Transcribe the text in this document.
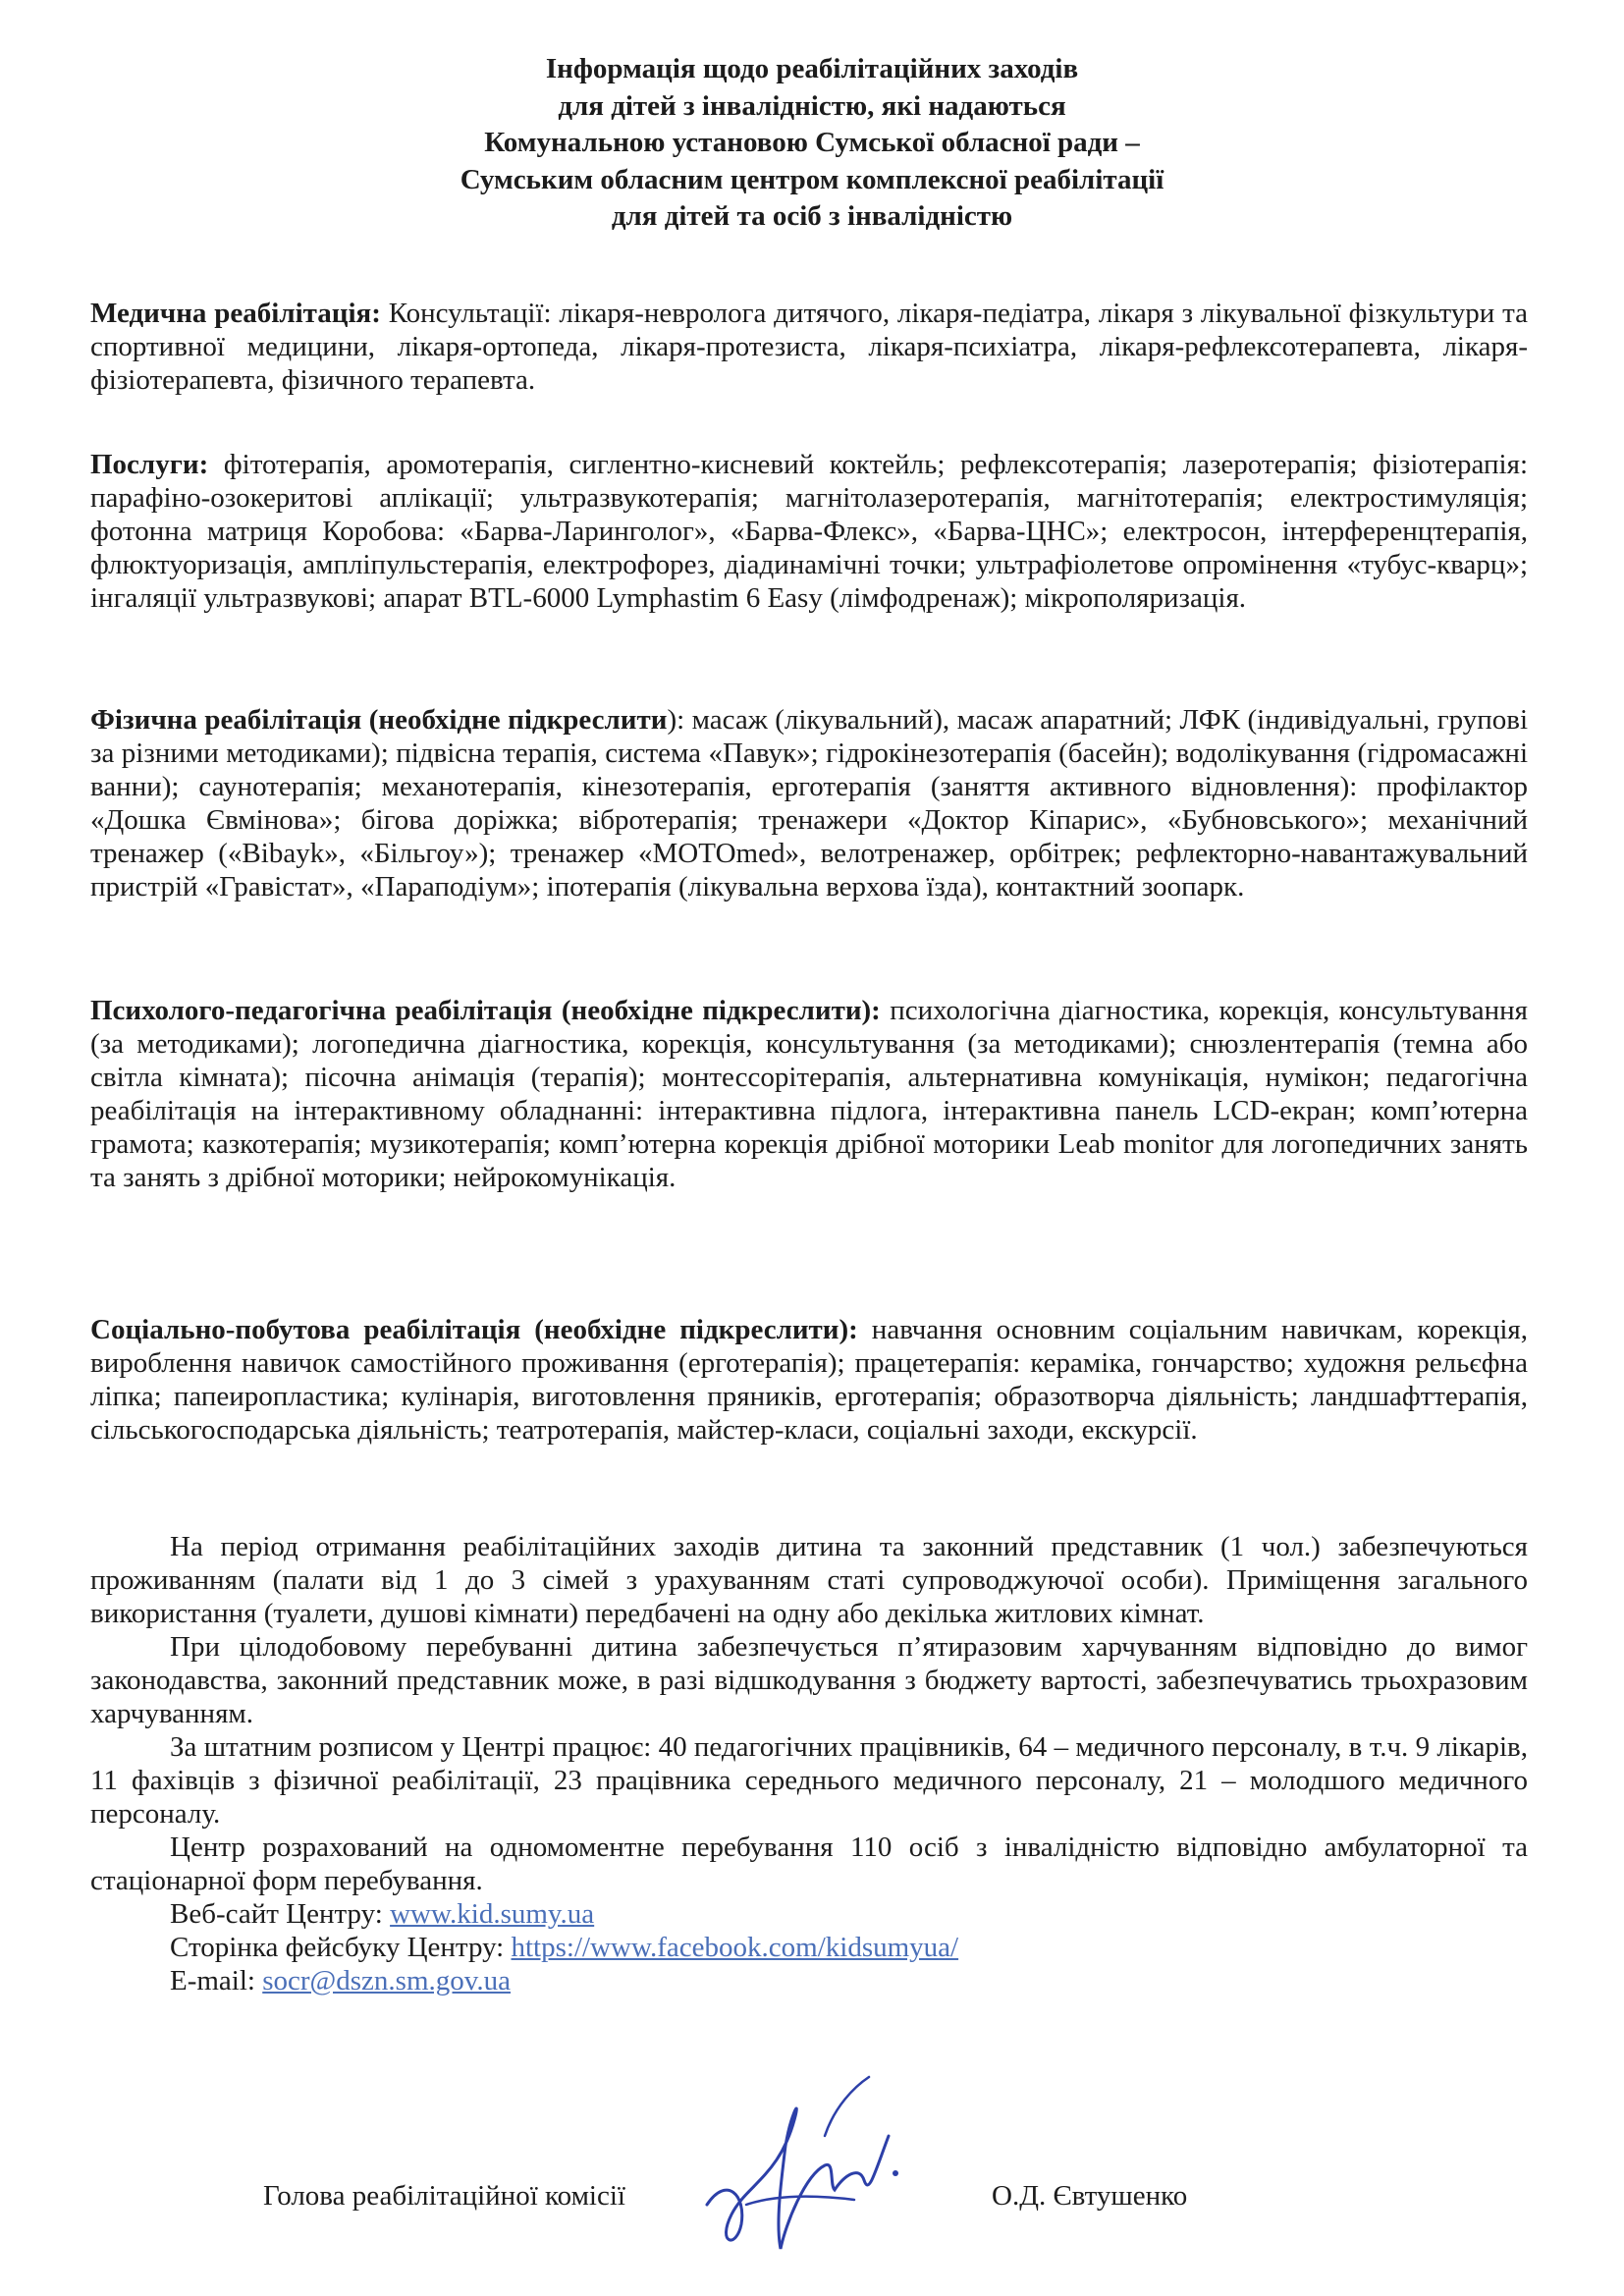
Інформація щодо реабілітаційних заходів
для дітей з інвалідністю, які надаються
Комунальною установою Сумської обласної ради –
Сумським обласним центром комплексної реабілітації
для дітей та осіб з інвалідністю
Медична реабілітація: Консультації: лікаря-невролога дитячого, лікаря-педіатра, лікаря з лікувальної фізкультури та спортивної медицини, лікаря-ортопеда, лікаря-протезиста, лікаря-психіатра, лікаря-рефлексотерапевта, лікаря-фізіотерапевта, фізичного терапевта.
Послуги: фітотерапія, аромотерапія, сиглентно-кисневий коктейль; рефлексотерапія; лазеротерапія; фізіотерапія: парафіно-озокеритові аплікації; ультразвукотерапія; магнітолазеротерапія, магнітотерапія; електростимуляція; фотонна матриця Коробова: «Барва-Ларинголог», «Барва-Флекс», «Барва-ЦНС»; електросон, інтерференцтерапія, флюктуоризація, ампліпульстерапія, електрофорез, діадинамічні точки; ультрафіолетове опромінення «тубус-кварц»; інгаляції ультразвукові; апарат BTL-6000 Lymphastim 6 Easy (лімфодренаж); мікрополяризація.
Фізична реабілітація (необхідне підкреслити): масаж (лікувальний), масаж апаратний; ЛФК (індивідуальні, групові за різними методиками); підвісна терапія, система «Павук»; гідрокінезотерапія (басейн); водолікування (гідромасажні ванни); саунотерапія; механотерапія, кінезотерапія, ерготерапія (заняття активного відновлення): профілактор «Дошка Євмінова»; бігова доріжка; вібротерапія; тренажери «Доктор Кіпарис», «Бубновського»; механічний тренажер («Bibayk», «Більгоу»); тренажер «МОТОmed», велотренажер, орбітрек; рефлекторно-навантажувальний пристрій «Гравістат», «Параподіум»; іпотерапія (лікувальна верхова їзда), контактний зоопарк.
Психолого-педагогічна реабілітація (необхідне підкреслити): психологічна діагностика, корекція, консультування (за методиками); логопедична діагностика, корекція, консультування (за методиками); снюзлентерапія (темна або світла кімната); пісочна анімація (терапія); монтессорітерапія, альтернативна комунікація, нумікон; педагогічна реабілітація на інтерактивному обладнанні: інтерактивна підлога, інтерактивна панель LCD-екран; комп’ютерна грамота; казкотерапія; музикотерапія; комп’ютерна корекція дрібної моторики Leab monitor для логопедичних занять та занять з дрібної моторики; нейрокомунікація.
Соціально-побутова реабілітація (необхідне підкреслити): навчання основним соціальним навичкам, корекція, вироблення навичок самостійного проживання (ерготерапія); працетерапія: кераміка, гончарство; художня рельєфна ліпка; папеиропластика; кулінарія, виготовлення пряників, ерготерапія; образотворча діяльність; ландшафттерапія, сільськогосподарська діяльність; театротерапія, майстер-класи, соціальні заходи, екскурсії.
На період отримання реабілітаційних заходів дитина та законний представник (1 чол.) забезпечуються проживанням (палати від 1 до 3 сімей з урахуванням статі супроводжуючої особи). Приміщення загального використання (туалети, душові кімнати) передбачені на одну або декілька житлових кімнат.
При цілодобовому перебуванні дитина забезпечується п’ятиразовим харчуванням відповідно до вимог законодавства, законний представник може, в разі відшкодування з бюджету вартості, забезпечуватись трьохразовим харчуванням.
За штатним розписом у Центрі працює: 40 педагогічних працівників, 64 – медичного персоналу, в т.ч. 9 лікарів, 11 фахівців з фізичної реабілітації, 23 працівника середнього медичного персоналу, 21 – молодшого медичного персоналу.
Центр розрахований на одномоментне перебування 110 осіб з інвалідністю відповідно амбулаторної та стаціонарної форм перебування.
Веб-сайт Центру: www.kid.sumy.ua
Сторінка фейсбуку Центру: https://www.facebook.com/kidsumyua/
E-mail: socr@dszn.sm.gov.ua
Голова реабілітаційної комісії	О.Д. Євтушенко
